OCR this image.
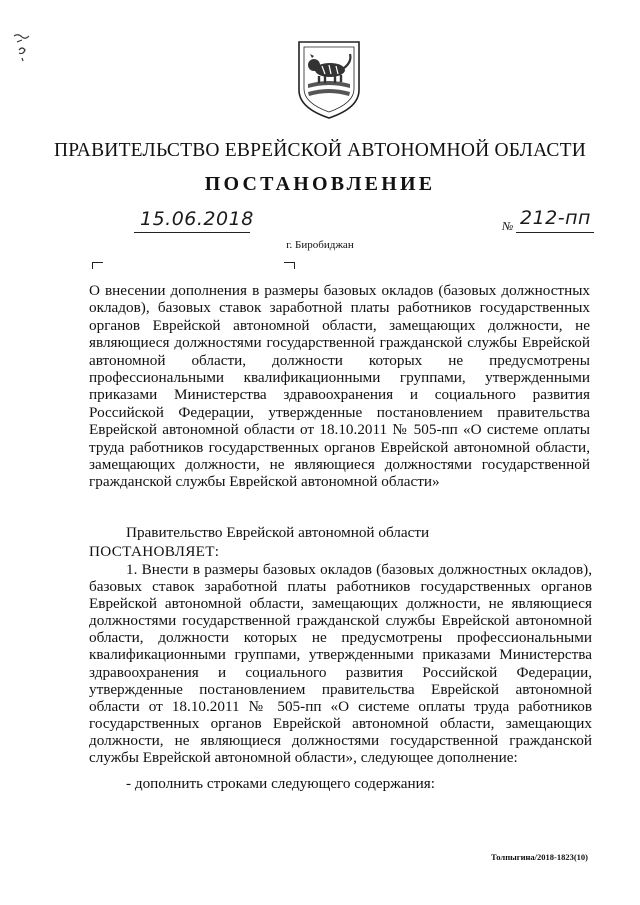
ПРАВИТЕЛЬСТВО ЕВРЕЙСКОЙ АВТОНОМНОЙ ОБЛАСТИ
ПОСТАНОВЛЕНИЕ
15.06.2018	№ 212-пп
г. Биробиджан

О внесении дополнения в размеры базовых окладов (базовых должностных окладов), базовых ставок заработной платы работников государственных органов Еврейской автономной области, замещающих должности, не являющиеся должностями государственной гражданской службы Еврейской автономной области, должности которых не предусмотрены профессиональными квалификационными группами, утвержденными приказами Министерства здравоохранения и социального развития Российской Федерации, утвержденные постановлением правительства Еврейской автономной области от 18.10.2011 № 505-пп «О системе оплаты труда работников государственных органов Еврейской автономной области, замещающих должности, не являющиеся должностями государственной гражданской службы Еврейской автономной области»

Правительство Еврейской автономной области
ПОСТАНОВЛЯЕТ:

1. Внести в размеры базовых окладов (базовых должностных окладов), базовых ставок заработной платы работников государственных органов Еврейской автономной области, замещающих должности, не являющиеся должностями государственной гражданской службы Еврейской автономной области, должности которых не предусмотрены профессиональными квалификационными группами, утвержденными приказами Министерства здравоохранения и социального развития Российской Федерации, утвержденные постановлением правительства Еврейской автономной области от 18.10.2011 № 505-пп «О системе оплаты труда работников государственных органов Еврейской автономной области, замещающих должности, не являющиеся должностями государственной гражданской службы Еврейской автономной области», следующее дополнение:

- дополнить строками следующего содержания:
Толпыгина/2018-1823(10)
